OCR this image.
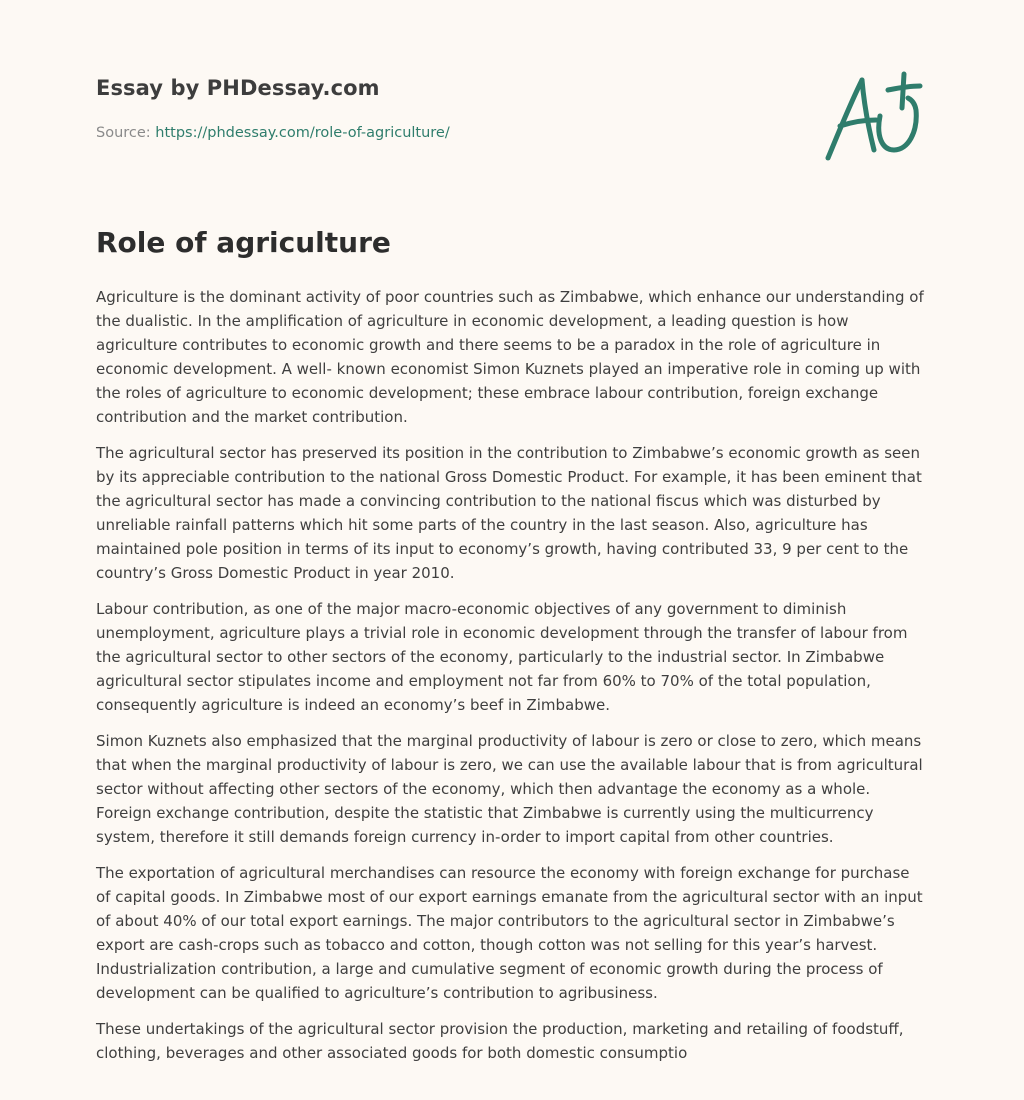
Essay by PHDessay.com
Source: https://phdessay.com/role-of-agriculture/
Role of agriculture

Agriculture is the dominant activity of poor countries such as Zimbabwe, which enhance our understanding of the dualistic. In the amplification of agriculture in economic development, a leading question is how agriculture contributes to economic growth and there seems to be a paradox in the role of agriculture in economic development. A well- known economist Simon Kuznets played an imperative role in coming up with the roles of agriculture to economic development; these embrace labour contribution, foreign exchange contribution and the market contribution.

The agricultural sector has preserved its position in the contribution to Zimbabwe’s economic growth as seen by its appreciable contribution to the national Gross Domestic Product. For example, it has been eminent that the agricultural sector has made a convincing contribution to the national fiscus which was disturbed by unreliable rainfall patterns which hit some parts of the country in the last season. Also, agriculture has maintained pole position in terms of its input to economy’s growth, having contributed 33, 9 per cent to the country’s Gross Domestic Product in year 2010.

Labour contribution, as one of the major macro-economic objectives of any government to diminish unemployment, agriculture plays a trivial role in economic development through the transfer of labour from the agricultural sector to other sectors of the economy, particularly to the industrial sector. In Zimbabwe agricultural sector stipulates income and employment not far from 60% to 70% of the total population, consequently agriculture is indeed an economy’s beef in Zimbabwe.

Simon Kuznets also emphasized that the marginal productivity of labour is zero or close to zero, which means that when the marginal productivity of labour is zero, we can use the available labour that is from agricultural sector without affecting other sectors of the economy, which then advantage the economy as a whole. Foreign exchange contribution, despite the statistic that Zimbabwe is currently using the multicurrency system, therefore it still demands foreign currency in-order to import capital from other countries.

The exportation of agricultural merchandises can resource the economy with foreign exchange for purchase of capital goods. In Zimbabwe most of our export earnings emanate from the agricultural sector with an input of about 40% of our total export earnings. The major contributors to the agricultural sector in Zimbabwe’s export are cash-crops such as tobacco and cotton, though cotton was not selling for this year’s harvest. Industrialization contribution, a large and cumulative segment of economic growth during the process of development can be qualified to agriculture’s contribution to agribusiness.

These undertakings of the agricultural sector provision the production, marketing and retailing of foodstuff, clothing, beverages and other associated goods for both domestic consumptio
